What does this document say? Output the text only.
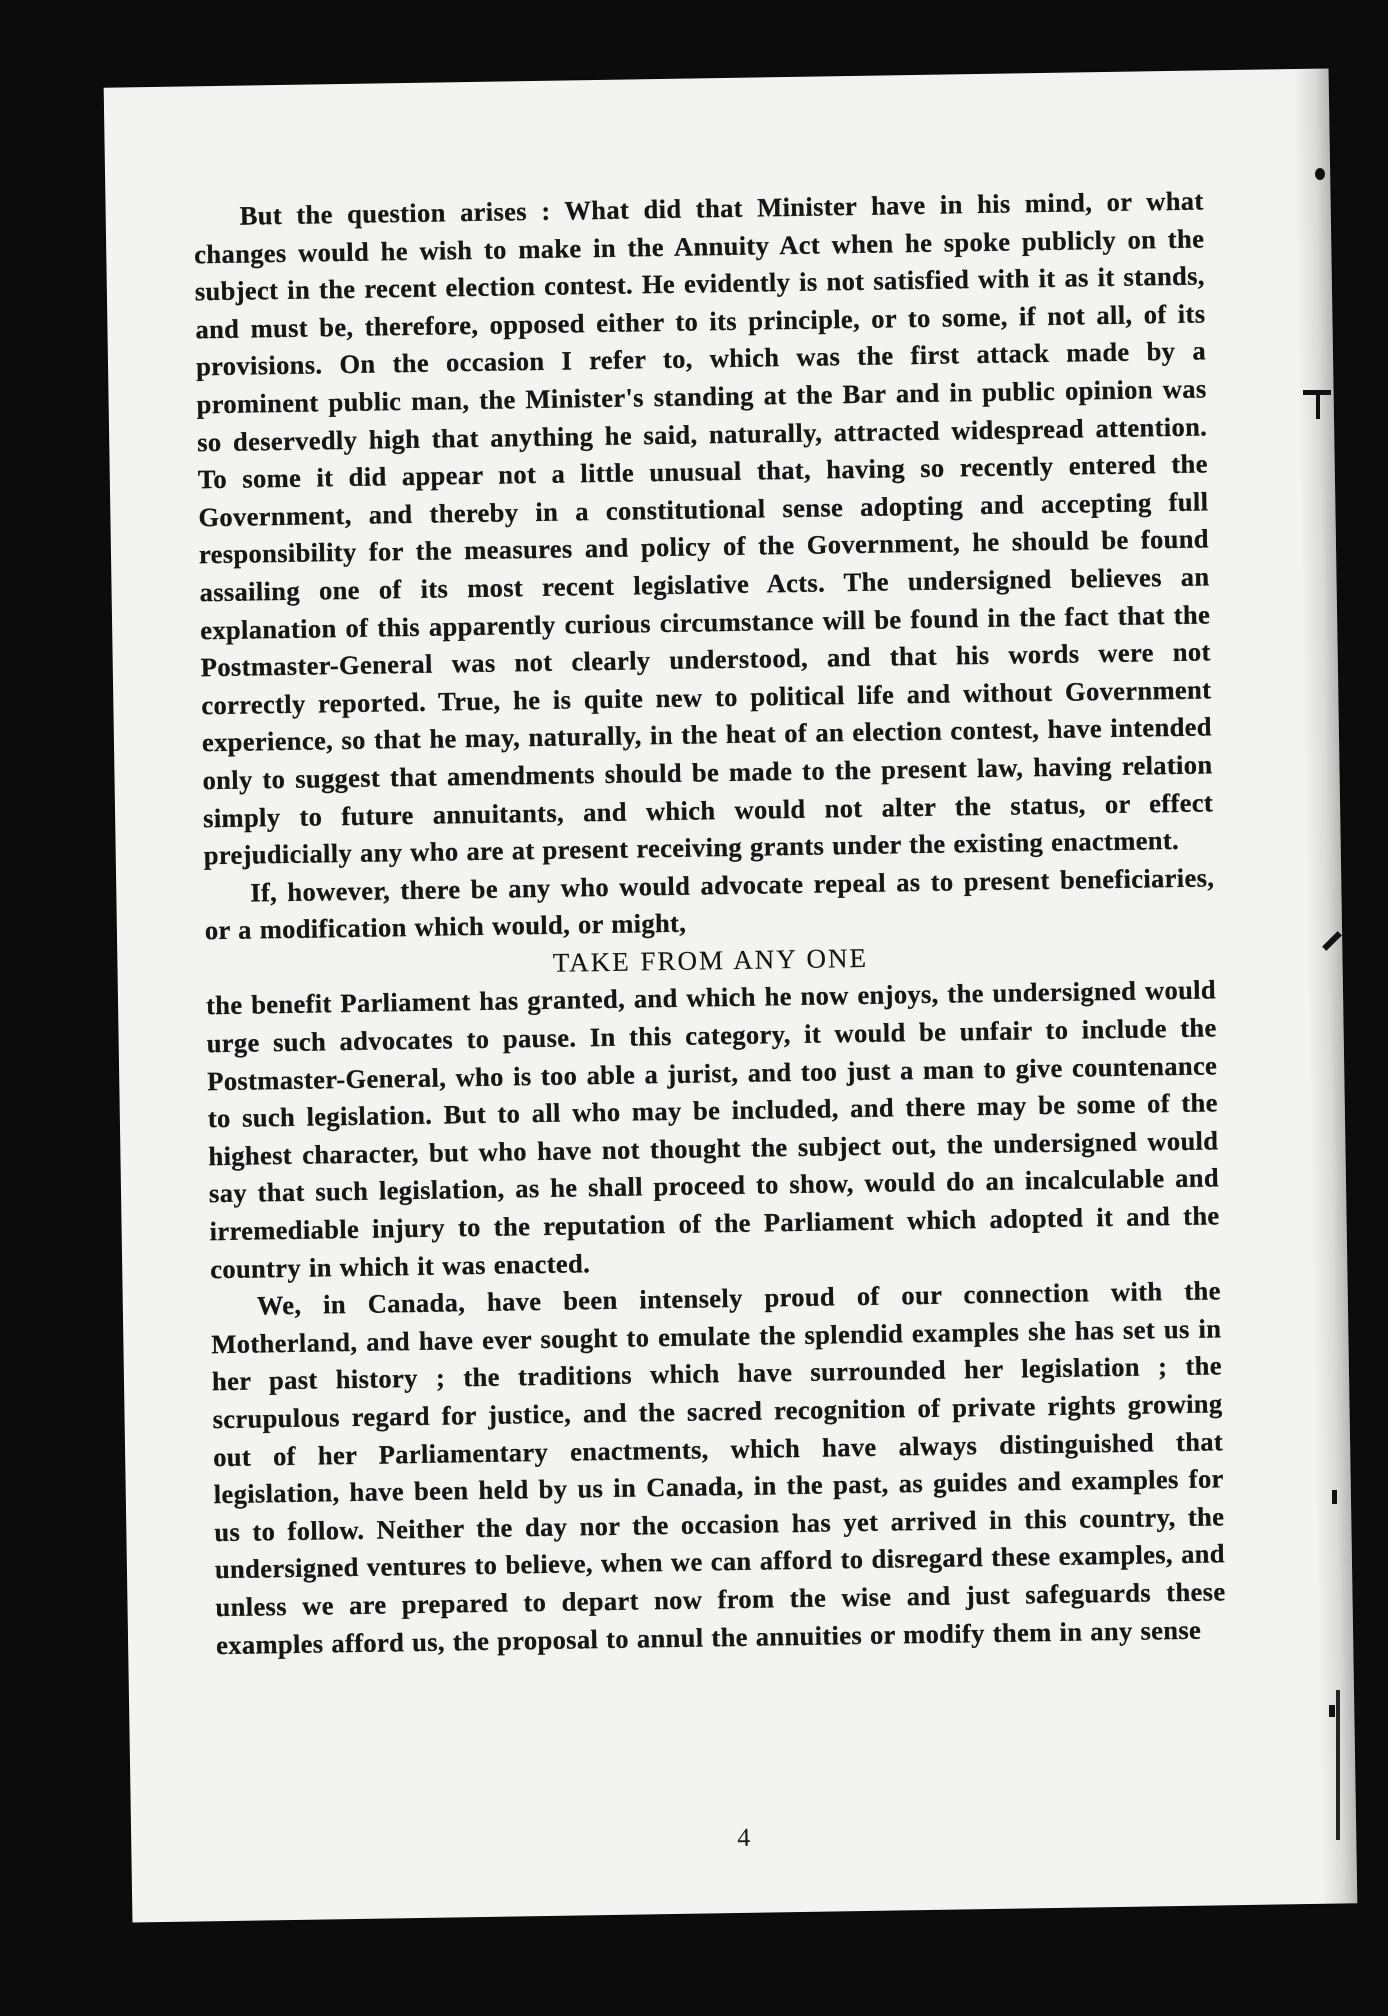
But the question arises : What did that Minister have in his mind, or what changes would he wish to make in the Annuity Act when he spoke publicly on the subject in the recent election contest. He evidently is not satisfied with it as it stands, and must be, therefore, opposed either to its principle, or to some, if not all, of its provisions. On the occasion I refer to, which was the first attack made by a prominent public man, the Minister's standing at the Bar and in public opinion was so deservedly high that anything he said, naturally, attracted widespread attention. To some it did appear not a little unusual that, having so recently entered the Government, and thereby in a constitutional sense adopting and accepting full responsibility for the measures and policy of the Government, he should be found assailing one of its most recent legislative Acts. The undersigned believes an explanation of this apparently curious circumstance will be found in the fact that the Postmaster-General was not clearly understood, and that his words were not correctly reported. True, he is quite new to political life and without Government experience, so that he may, naturally, in the heat of an election contest, have intended only to suggest that amendments should be made to the present law, having relation simply to future annuitants, and which would not alter the status, or effect prejudicially any who are at present receiving grants under the existing enactment.

If, however, there be any who would advocate repeal as to present beneficiaries, or a modification which would, or might,

TAKE FROM ANY ONE

the benefit Parliament has granted, and which he now enjoys, the undersigned would urge such advocates to pause. In this category, it would be unfair to include the Postmaster-General, who is too able a jurist, and too just a man to give countenance to such legislation. But to all who may be included, and there may be some of the highest character, but who have not thought the subject out, the undersigned would say that such legislation, as he shall proceed to show, would do an incalculable and irremediable injury to the reputation of the Parliament which adopted it and the country in which it was enacted.

We, in Canada, have been intensely proud of our connection with the Motherland, and have ever sought to emulate the splendid examples she has set us in her past history ; the traditions which have surrounded her legislation ; the scrupulous regard for justice, and the sacred recognition of private rights growing out of her Parliamentary enactments, which have always distinguished that legislation, have been held by us in Canada, in the past, as guides and examples for us to follow. Neither the day nor the occasion has yet arrived in this country, the undersigned ventures to believe, when we can afford to disregard these examples, and unless we are prepared to depart now from the wise and just safeguards these examples afford us, the proposal to annul the annuities or modify them in any sense

4
